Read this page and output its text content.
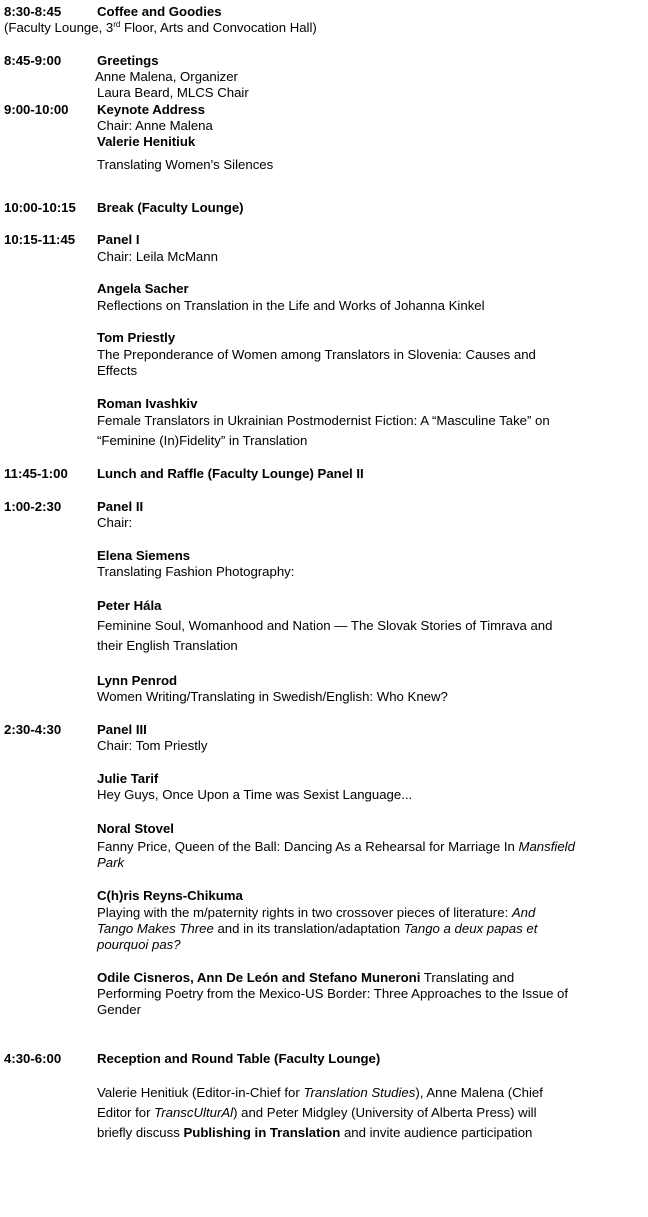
8:30-8:45	Coffee and Goodies
(Faculty Lounge, 3rd Floor, Arts and Convocation Hall)
8:45-9:00	Greetings
Anne Malena, Organizer
Laura Beard, MLCS Chair
9:00-10:00 Keynote Address
Chair: Anne Malena
Valerie Henitiuk
Translating Women's Silences
10:00-10:15 Break (Faculty Lounge)
10:15-11:45 Panel I
Chair: Leila McMann
Angela Sacher
Reflections on Translation in the Life and Works of Johanna Kinkel
Tom Priestly
The Preponderance of Women among Translators in Slovenia: Causes and
Effects
Roman Ivashkiv
Female Translators in Ukrainian Postmodernist Fiction: A “Masculine Take” on
“Feminine (In)Fidelity” in Translation
11:45-1:00 Lunch and Raffle (Faculty Lounge) Panel II
1:00-2:30	Panel II
Chair:
Elena Siemens
Translating Fashion Photography:
Peter Hála
Feminine Soul, Womanhood and Nation — The Slovak Stories of Timrava and
their English Translation
Lynn Penrod
Women Writing/Translating in Swedish/English: Who Knew?
2:30-4:30	Panel III
Chair: Tom Priestly
Julie Tarif
Hey Guys, Once Upon a Time was Sexist Language...
Noral Stovel
Fanny Price, Queen of the Ball: Dancing As a Rehearsal for Marriage In Mansfield
Park
C(h)ris Reyns-Chikuma
Playing with the m/paternity rights in two crossover pieces of literature: And
Tango Makes Three and in its translation/adaptation Tango a deux papas et
pourquoi pas?
Odile Cisneros, Ann De León and Stefano Muneroni Translating and
Performing Poetry from the Mexico-US Border: Three Approaches to the Issue of
Gender
4:30-6:00	Reception and Round Table (Faculty Lounge)
Valerie Henitiuk (Editor-in-Chief for Translation Studies), Anne Malena (Chief
Editor for TranscUlturAl) and Peter Midgley (University of Alberta Press) will
briefly discuss Publishing in Translation and invite audience participation
